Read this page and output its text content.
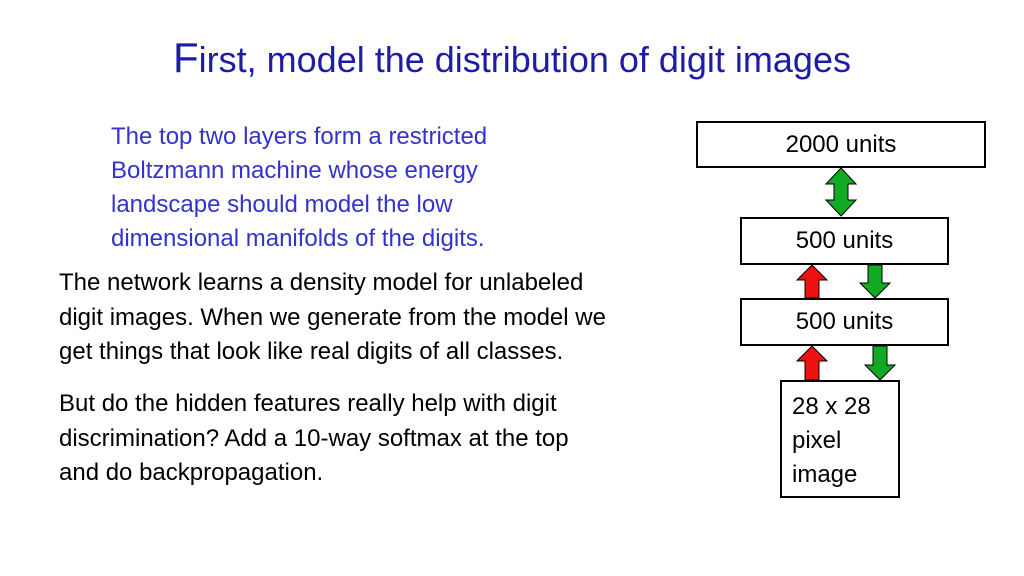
First, model the distribution of digit images
The top two layers form a restricted
Boltzmann machine whose energy
landscape should model the low
dimensional manifolds of the digits.
The network learns a density model for unlabeled
digit images. When we generate from the model we
get things that look like real digits of all classes.
But do the hidden features really help with digit
discrimination? Add a 10-way softmax at the top
and do backpropagation.
2000 units
500 units
500 units
28 x 28
pixel
image
